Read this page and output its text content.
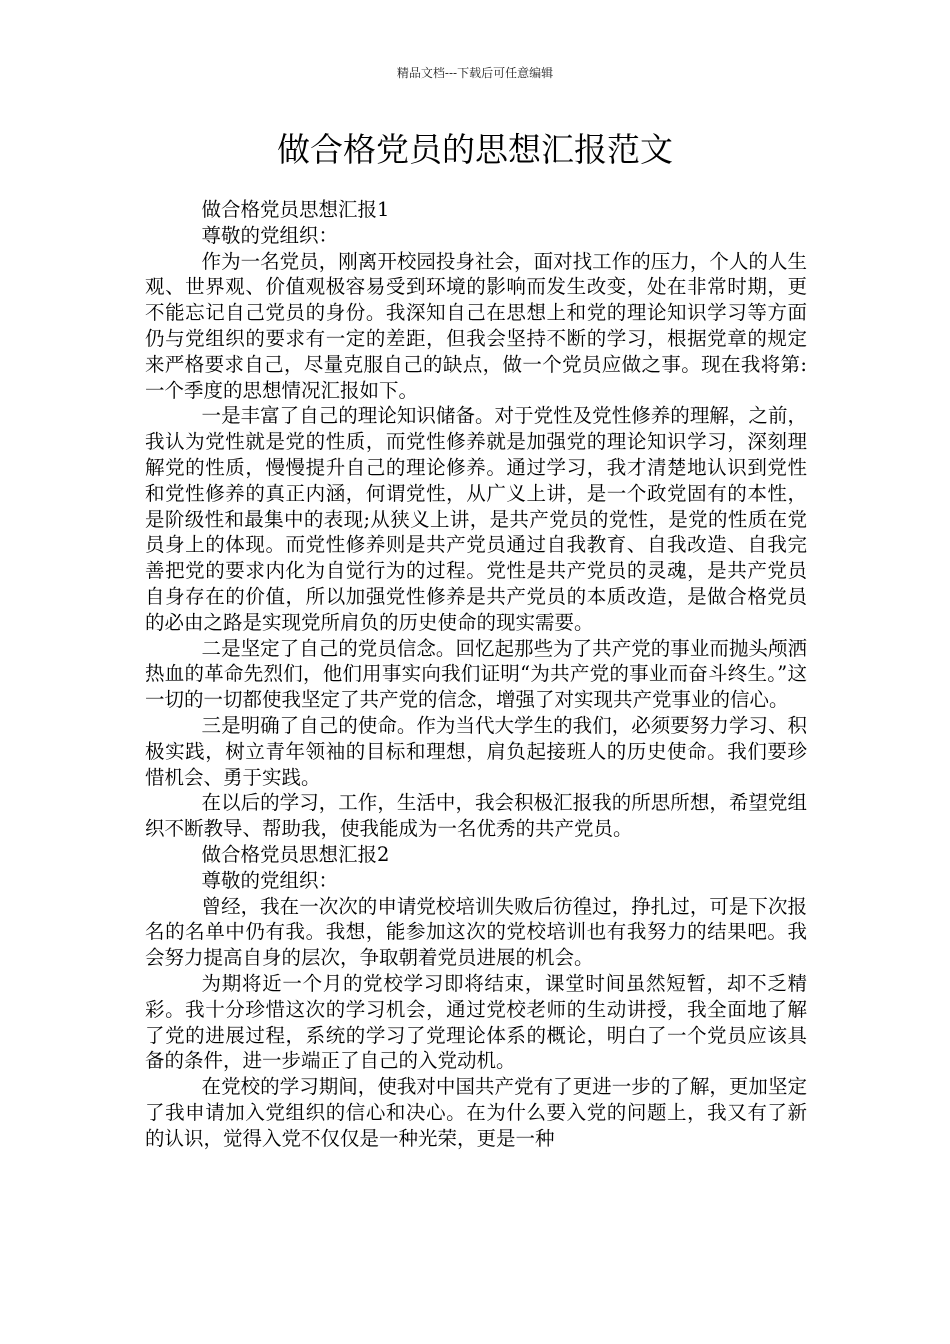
精品文档---下载后可任意编辑
做合格党员的思想汇报范文

做合格党员思想汇报1

尊敬的党组织：

作为一名党员，刚离开校园投身社会，面对找工作的压力，个人的人生观、世界观、价值观极容易受到环境的影响而发生改变，处在非常时期，更不能忘记自己党员的身份。我深知自己在思想上和党的理论知识学习等方面仍与党组织的要求有一定的差距，但我会坚持不断的学习，根据党章的规定来严格要求自己，尽量克服自己的缺点，做一个党员应做之事。现在我将第:一个季度的思想情况汇报如下。

一是丰富了自己的理论知识储备。对于党性及党性修养的理解，之前，我认为党性就是党的性质，而党性修养就是加强党的理论知识学习，深刻理解党的性质，慢慢提升自己的理论修养。通过学习，我才清楚地认识到党性和党性修养的真正内涵，何谓党性，从广义上讲，是一个政党固有的本性，是阶级性和最集中的表现;从狭义上讲，是共产党员的党性，是党的性质在党员身上的体现。而党性修养则是共产党员通过自我教育、自我改造、自我完善把党的要求内化为自觉行为的过程。党性是共产党员的灵魂，是共产党员自身存在的价值，所以加强党性修养是共产党员的本质改造，是做合格党员的必由之路是实现党所肩负的历史使命的现实需要。

二是坚定了自己的党员信念。回忆起那些为了共产党的事业而抛头颅洒热血的革命先烈们，他们用事实向我们证明“为共产党的事业而奋斗终生。”这一切的一切都使我坚定了共产党的信念，增强了对实现共产党事业的信心。

三是明确了自己的使命。作为当代大学生的我们，必须要努力学习、积极实践，树立青年领袖的目标和理想，肩负起接班人的历史使命。我们要珍惜机会、勇于实践。

在以后的学习，工作，生活中，我会积极汇报我的所思所想，希望党组织不断教导、帮助我，使我能成为一名优秀的共产党员。

做合格党员思想汇报2

尊敬的党组织：

曾经，我在一次次的申请党校培训失败后彷徨过，挣扎过，可是下次报名的名单中仍有我。我想，能参加这次的党校培训也有我努力的结果吧。我会努力提高自身的层次，争取朝着党员进展的机会。

为期将近一个月的党校学习即将结束，课堂时间虽然短暂，却不乏精彩。我十分珍惜这次的学习机会，通过党校老师的生动讲授，我全面地了解了党的进展过程，系统的学习了党理论体系的概论，明白了一个党员应该具备的条件，进一步端正了自己的入党动机。

在党校的学习期间，使我对中国共产党有了更进一步的了解，更加坚定了我申请加入党组织的信心和决心。在为什么要入党的问题上，我又有了新的认识，觉得入党不仅仅是一种光荣，更是一种
